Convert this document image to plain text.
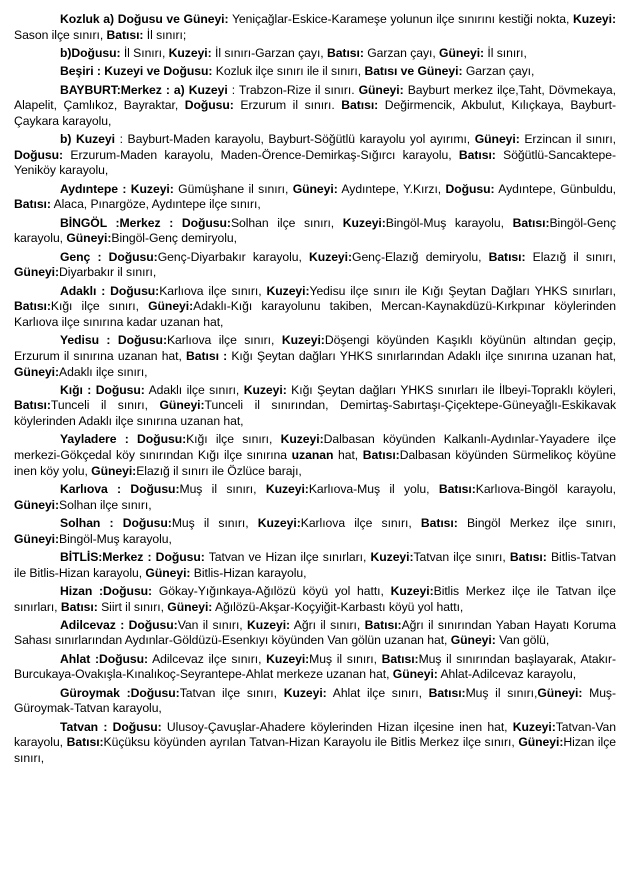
Kozluk a) Doğusu ve Güneyi: Yeniçağlar-Eskice-Karameşe yolunun ilçe sınırını kestiği nokta, Kuzeyi: Sason ilçe sınırı, Batısı: İl sınırı;

b)Doğusu: İl Sınırı, Kuzeyi: İl sınırı-Garzan çayı, Batısı: Garzan çayı, Güneyi: İl sınırı,

Beşiri : Kuzeyi ve Doğusu: Kozluk ilçe sınırı ile il sınırı, Batısı ve Güneyi: Garzan çayı,

BAYBURT:Merkez : a) Kuzeyi : Trabzon-Rize il sınırı. Güneyi: Bayburt merkez ilçe,Taht, Dövmekaya, Alapelit, Çamlıkoz, Bayraktar, Doğusu: Erzurum il sınırı. Batısı: Değirmencik, Akbulut, Kılıçkaya, Bayburt-Çaykara karayolu,

b) Kuzeyi : Bayburt-Maden karayolu, Bayburt-Söğütlü karayolu yol ayırımı, Güneyi: Erzincan il sınırı, Doğusu: Erzurum-Maden karayolu, Maden-Örence-Demirkaş-Sığırcı karayolu, Batısı: Söğütlü-Sancaktepe-Yeniköy karayolu,

Aydıntepe : Kuzeyi: Gümüşhane il sınırı, Güneyi: Aydıntepe, Y.Kırzı, Doğusu: Aydıntepe, Günbuldu, Batısı: Alaca, Pınargöze, Aydıntepe ilçe sınırı,

BİNGÖL :Merkez : Doğusu:Solhan ilçe sınırı, Kuzeyi:Bingöl-Muş karayolu, Batısı:Bingöl-Genç karayolu, Güneyi:Bingöl-Genç demiryolu,

Genç : Doğusu:Genç-Diyarbakır karayolu, Kuzeyi:Genç-Elazığ demiryolu, Batısı: Elazığ il sınırı, Güneyi:Diyarbakır il sınırı,

Adaklı : Doğusu:Karlıova ilçe sınırı, Kuzeyi:Yedisu ilçe sınırı ile Kığı Şeytan Dağları YHKS sınırları, Batısı:Kığı ilçe sınırı, Güneyi:Adaklı-Kığı karayolunu takiben, Mercan-Kaynakdüzü-Kırkpınar köylerinden Karlıova ilçe sınırına kadar uzanan hat,

Yedisu : Doğusu:Karlıova ilçe sınırı, Kuzeyi:Döşengi köyünden Kaşıklı köyünün altından geçip, Erzurum il sınırına uzanan hat, Batısı : Kığı Şeytan dağları YHKS sınırlarından Adaklı ilçe sınırına uzanan hat, Güneyi:Adaklı ilçe sınırı,

Kığı : Doğusu: Adaklı ilçe sınırı, Kuzeyi: Kığı Şeytan dağları YHKS sınırları ile İlbeyi-Topraklı köyleri, Batısı:Tunceli il sınırı, Güneyi:Tunceli il sınırından, Demirtaş-Sabırtaşı-Çiçektepe-Güneyağlı-Eskikavak köylerinden Adaklı ilçe sınırına uzanan hat,

Yayladere : Doğusu:Kığı ilçe sınırı, Kuzeyi:Dalbasan köyünden Kalkanlı-Aydınlar-Yayadere ilçe merkezi-Gökçedal köy sınırından Kığı ilçe sınırına uzanan hat, Batısı:Dalbasan köyünden Sürmelikoç köyüne inen köy yolu, Güneyi:Elazığ il sınırı ile Özlüce barajı,

Karlıova : Doğusu:Muş il sınırı, Kuzeyi:Karlıova-Muş il yolu, Batısı:Karlıova-Bingöl karayolu, Güneyi:Solhan ilçe sınırı,

Solhan : Doğusu:Muş il sınırı, Kuzeyi:Karlıova ilçe sınırı, Batısı: Bingöl Merkez ilçe sınırı, Güneyi:Bingöl-Muş karayolu,

BİTLİS:Merkez : Doğusu: Tatvan ve Hizan ilçe sınırları, Kuzeyi:Tatvan ilçe sınırı, Batısı: Bitlis-Tatvan ile Bitlis-Hizan karayolu, Güneyi: Bitlis-Hizan karayolu,

Hizan :Doğusu: Gökay-Yığınkaya-Ağılözü köyü yol hattı, Kuzeyi:Bitlis Merkez ilçe ile Tatvan ilçe sınırları, Batısı: Siirt il sınırı, Güneyi: Ağılözü-Akşar-Koçyiğit-Karbastı köyü yol hattı,

Adilcevaz : Doğusu:Van il sınırı, Kuzeyi: Ağrı il sınırı, Batısı:Ağrı il sınırından Yaban Hayatı Koruma Sahası sınırlarından Aydınlar-Göldüzü-Esenkıyı köyünden Van gölün uzanan hat, Güneyi: Van gölü,

Ahlat :Doğusu: Adilcevaz ilçe sınırı, Kuzeyi:Muş il sınırı, Batısı:Muş il sınırından başlayarak, Atakır-Burcukaya-Ovakışla-Kınalıkoç-Seyrantepe-Ahlat merkeze uzanan hat, Güneyi: Ahlat-Adilcevaz karayolu,

Güroymak :Doğusu:Tatvan ilçe sınırı, Kuzeyi: Ahlat ilçe sınırı, Batısı:Muş il sınırı,Güneyi: Muş-Güroymak-Tatvan karayolu,

Tatvan : Doğusu: Ulusoy-Çavuşlar-Ahadere köylerinden Hizan ilçesine inen hat, Kuzeyi:Tatvan-Van karayolu, Batısı:Küçüksu köyünden ayrılan Tatvan-Hizan Karayolu ile Bitlis Merkez ilçe sınırı, Güneyi:Hizan ilçe sınırı,
